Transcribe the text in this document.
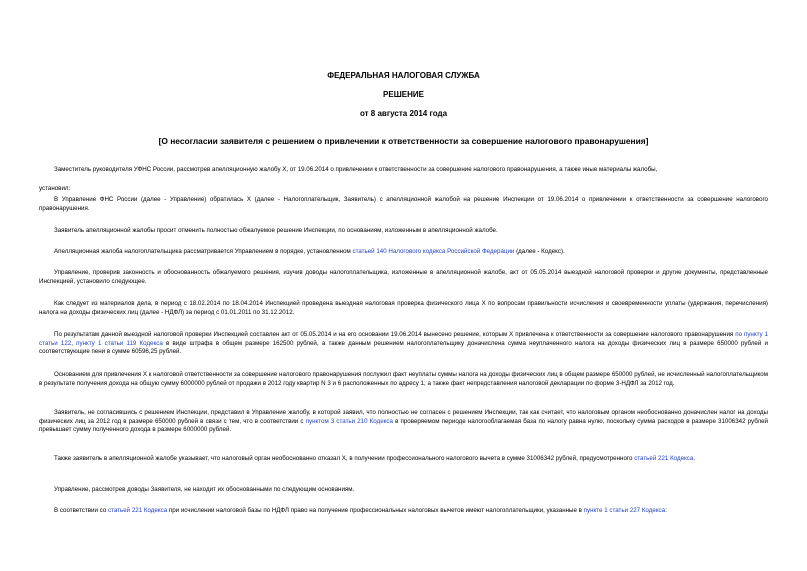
ФЕДЕРАЛЬНАЯ НАЛОГОВАЯ СЛУЖБА
РЕШЕНИЕ
от 8 августа 2014 года
[О несогласии заявителя с решением о привлечении к ответственности за совершение налогового правонарушения]
Заместитель руководителя УФНС России, рассмотрев апелляционную жалобу Х, от 19.06.2014 о привлечении к ответственности за совершение налогового правонарушения, а также иные материалы жалобы,
установил:
В Управление ФНС России (далее - Управление) обратилась Х (далее - Налогоплательщик, Заявитель) с апелляционной жалобой на решение Инспекции от 19.06.2014 о привлечении к ответственности за совершение налогового правонарушения.
Заявитель апелляционной жалобы просит отменить полностью обжалуемое решение Инспекции, по основаниям, изложенным в апелляционной жалобе.
Апелляционная жалоба налогоплательщика рассматривается Управлением в порядке, установленном статьей 140 Налогового кодекса Российской Федерации (далее - Кодекс).
Управление, проверив законность и обоснованность обжалуемого решения, изучив доводы налогоплательщика, изложенные в апелляционной жалобе, акт от 05.05.2014 выездной налоговой проверки и другие документы, представленные Инспекцией, установило следующее.
Как следует из материалов дела, в период с 18.02.2014 по 18.04.2014 Инспекцией проведена выездная налоговая проверка физического лица Х по вопросам правильности исчисления и своевременности уплаты (удержания, перечисления) налога на доходы физических лиц (далее - НДФЛ) за период с 01.01.2011 по 31.12.2012.
По результатам данной выездной налоговой проверки Инспекцией составлен акт от 05.05.2014 и на его основании 19.06.2014 вынесено решение, которым Х привлечена к ответственности за совершение налогового правонарушения по пункту 1 статьи 122, пункту 1 статьи 119 Кодекса в виде штрафа в общем размере 162500 рублей, а также данным решением налогоплательщику доначислена сумма неуплаченного налога на доходы физических лиц в размере 650000 рублей и соответствующие пени в сумме 60596,25 рублей.
Основанием для привлечения Х к налоговой ответственности за совершение налогового правонарушения послужил факт неуплаты суммы налога на доходы физических лиц в общем размере 650000 рублей, не исчисленный налогоплательщиком в результате получения дохода на общую сумму 6000000 рублей от продажи в 2012 году квартир N 3 и 6 расположенных по адресу 1, а также факт непредставления налоговой декларации по форме 3-НДФЛ за 2012 год.
Заявитель, не согласившись с решением Инспекции, представил в Управление жалобу, в которой заявил, что полностью не согласен с решением Инспекции, так как считает, что налоговым органом необоснованно доначислен налог на доходы физических лиц за 2012 год в размере 650000 рублей в связи с тем, что в соответствии с пунктом 3 статьи 210 Кодекса в проверяемом периоде налогооблагаемая база по налогу равна нулю, поскольку сумма расходов в размере 31006342 рублей превышает сумму полученного дохода в размере 6000000 рублей.
Также заявитель в апелляционной жалобе указывает, что налоговый орган необоснованно отказал Х, в получении профессионального налогового вычета в сумме 31006342 рублей, предусмотренного статьей 221 Кодекса.
Управление, рассмотрев доводы Заявителя, не находит их обоснованными по следующим основаниям.
В соответствии со статьей 221 Кодекса при исчислении налоговой базы по НДФЛ право на получение профессиональных налоговых вычетов имеют налогоплательщики, указанные в пункте 1 статьи 227 Кодекса:
